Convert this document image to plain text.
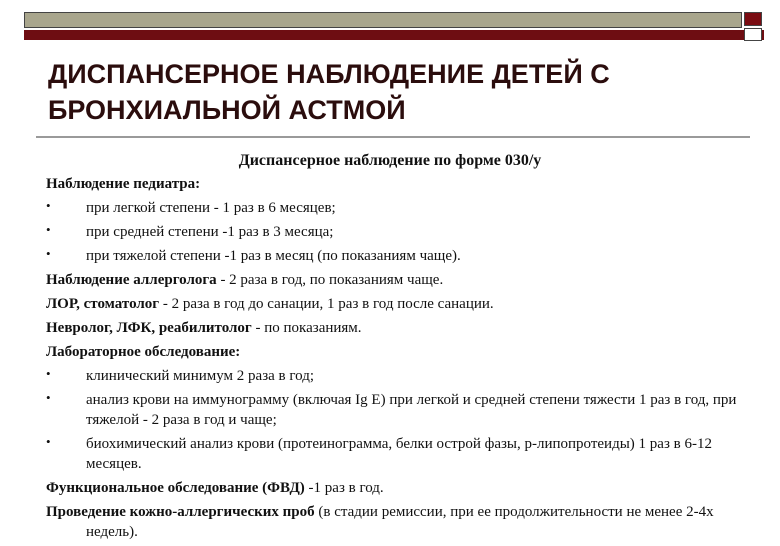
ДИСПАНСЕРНОЕ НАБЛЮДЕНИЕ ДЕТЕЙ С БРОНХИАЛЬНОЙ АСТМОЙ
Диспансерное наблюдение по форме 030/у

Наблюдение педиатра:

• при легкой степени - 1 раз в 6 месяцев;
• при средней степени -1 раз в 3 месяца;
• при тяжелой степени -1 раз в месяц (по показаниям чаще).

Наблюдение аллерголога - 2 раза в год, по показаниям чаще.

ЛОР, стоматолог - 2 раза в год до санации, 1 раз в год после санации.

Невролог, ЛФК, реабилитолог - по показаниям.

Лабораторное обследование:

• клинический минимум 2 раза в год;
• анализ крови на иммунограмму (включая Ig E) при легкой и средней степени тяжести 1 раз в год, при тяжелой - 2 раза в год и чаще;
• биохимический анализ крови (протеинограмма, белки острой фазы, р-липопротеиды) 1 раз в 6-12 месяцев.

Функциональное обследование (ФВД) -1 раз в год.

Проведение кожно-аллергических проб (в стадии ремиссии, при ее продолжительности не менее 2-4х недель).
